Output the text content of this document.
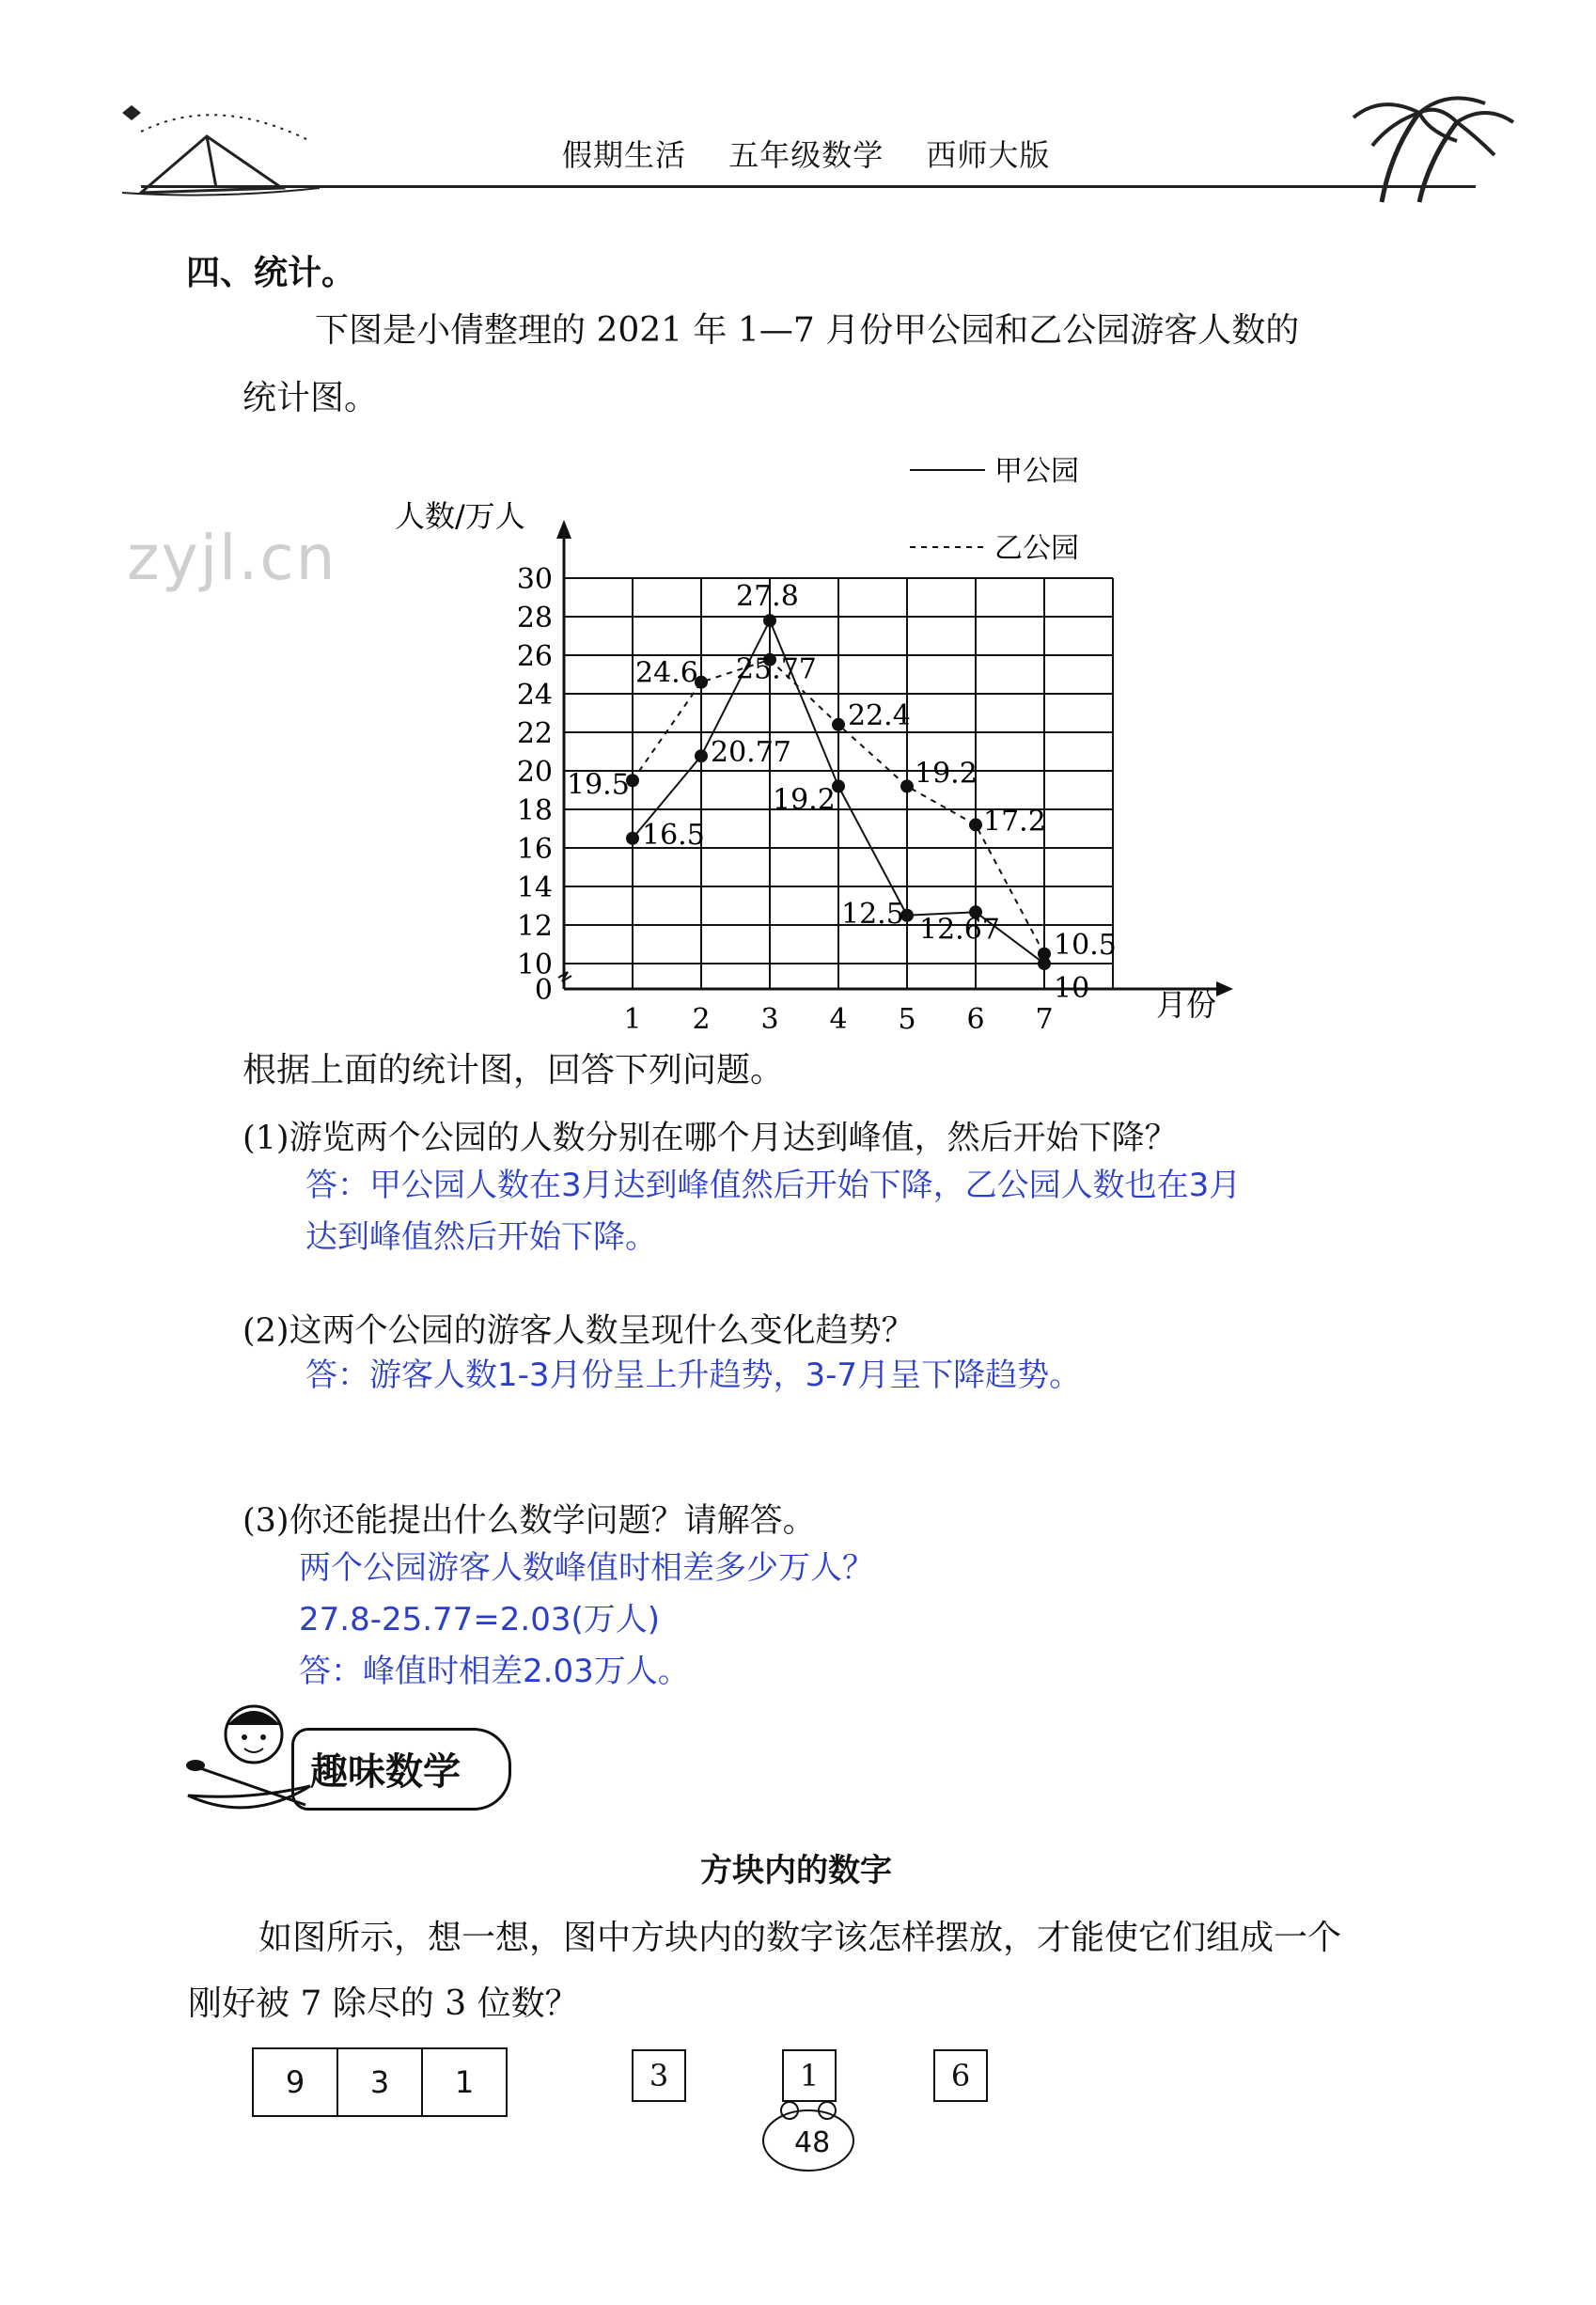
假期生活 五年级数学 西师大版
四、统计。
下图是小倩整理的 2021 年 1—7 月份甲公园和乙公园游客人数的
统计图。
zyjl.cn
甲公园
乙公园
人数/万人
月份
0
10
12
14
16
18
20
22
24
26
28
30
1 2 3 4 5 6 7
16.5
20.77
27.8
19.2
12.5 12.67
10
19.5
24.6 25.77
22.4
19.2
17.2
10.5
根据上面的统计图，回答下列问题。
(1)游览两个公园的人数分别在哪个月达到峰值，然后开始下降？
答：甲公园人数在3月达到峰值然后开始下降，乙公园人数也在3月
达到峰值然后开始下降。
(2)这两个公园的游客人数呈现什么变化趋势？
答：游客人数1-3月份呈上升趋势，3-7月呈下降趋势。
(3)你还能提出什么数学问题？请解答。
两个公园游客人数峰值时相差多少万人？
27.8-25.77=2.03(万人)
答：峰值时相差2.03万人。
趣味数学
方块内的数字
如图所示，想一想，图中方块内的数字该怎样摆放，才能使它们组成一个
刚好被 7 除尽的 3 位数？
9	3	1	3	1	6
48
